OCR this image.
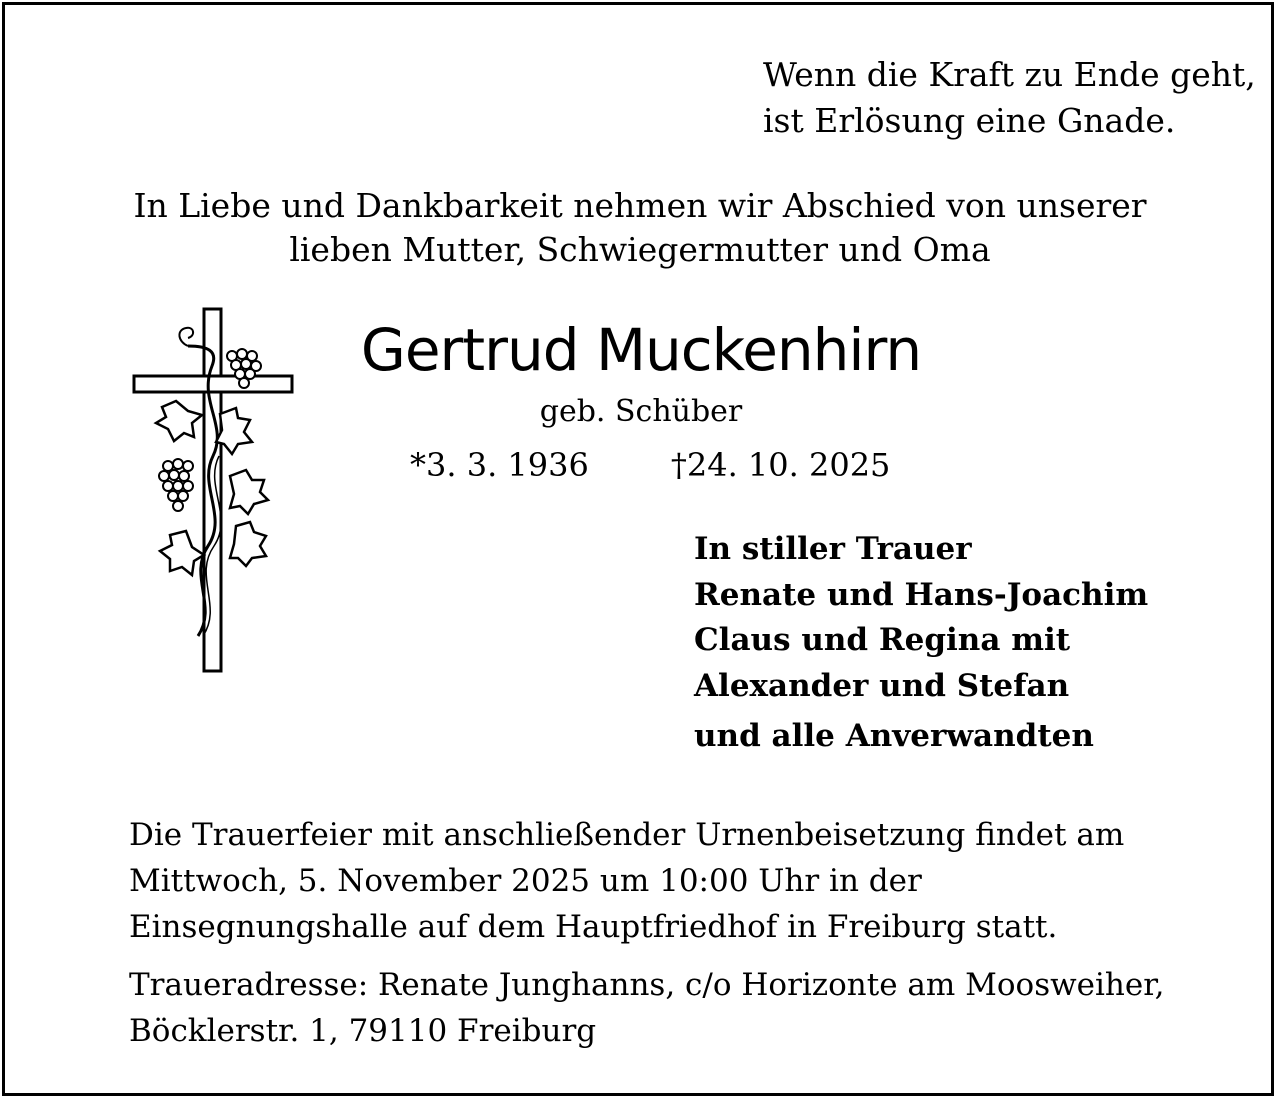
Wenn die Kraft zu Ende geht,
ist Erlösung eine Gnade.
In Liebe und Dankbarkeit nehmen wir Abschied von unserer
lieben Mutter, Schwiegermutter und Oma
Gertrud Muckenhirn
geb. Schüber
*3. 3. 1936	†24. 10. 2025
In stiller Trauer
Renate und Hans-Joachim
Claus und Regina mit
Alexander und Stefan
und alle Anverwandten
Die Trauerfeier mit anschließender Urnenbeisetzung findet am
Mittwoch, 5. November 2025 um 10:00 Uhr in der
Einsegnungshalle auf dem Hauptfriedhof in Freiburg statt.
Traueradresse: Renate Junghanns, c/o Horizonte am Moosweiher,
Böcklerstr. 1, 79110 Freiburg
